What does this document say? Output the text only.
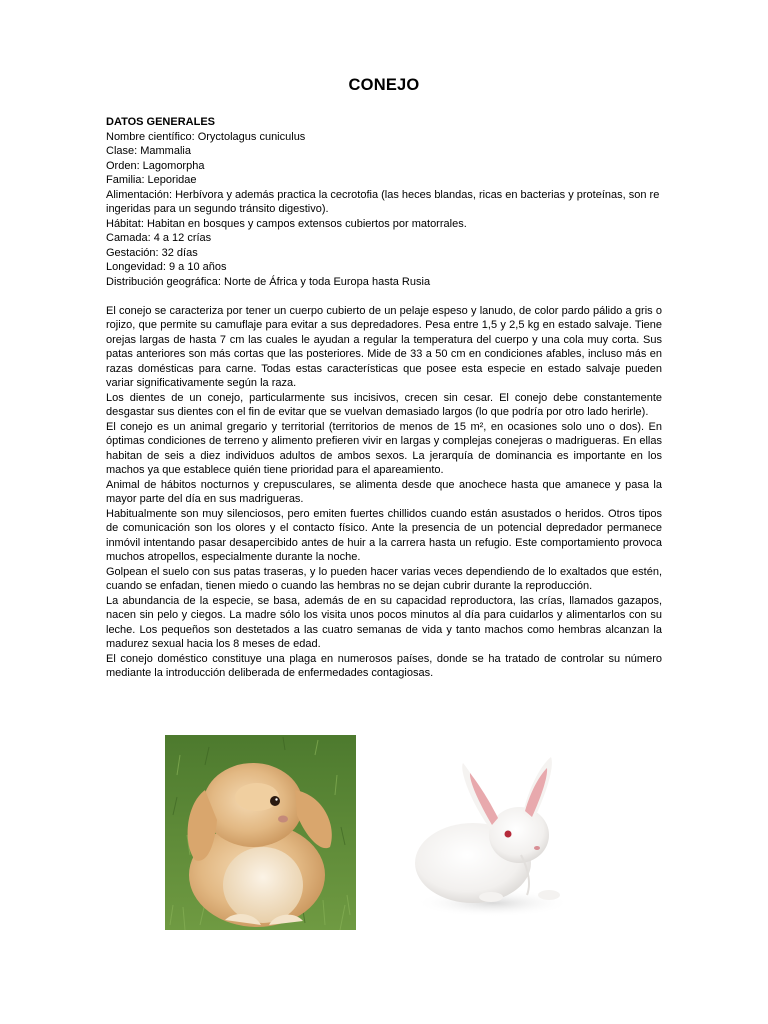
CONEJO
DATOS GENERALES
Nombre científico: Oryctolagus cuniculus
Clase: Mammalia
Orden: Lagomorpha
Familia: Leporidae
Alimentación: Herbívora y además practica la cecrotofia (las heces blandas, ricas en bacterias y proteínas, son re ingeridas para un segundo tránsito digestivo).
Hábitat: Habitan en bosques y campos extensos cubiertos por matorrales.
Camada: 4 a 12 crías
Gestación: 32 días
Longevidad: 9 a 10 años
Distribución geográfica: Norte de África y toda Europa hasta Rusia
El conejo se caracteriza por tener un cuerpo cubierto de un pelaje espeso y lanudo, de color pardo pálido a gris o rojizo, que permite su camuflaje para evitar a sus depredadores. Pesa entre 1,5 y 2,5 kg en estado salvaje. Tiene orejas largas de hasta 7 cm las cuales le ayudan a regular la temperatura del cuerpo y una cola muy corta. Sus patas anteriores son más cortas que las posteriores. Mide de 33 a 50 cm en condiciones afables, incluso más en razas domésticas para carne. Todas estas características que posee esta especie en estado salvaje pueden variar significativamente según la raza.
Los dientes de un conejo, particularmente sus incisivos, crecen sin cesar. El conejo debe constantemente desgastar sus dientes con el fin de evitar que se vuelvan demasiado largos (lo que podría por otro lado herirle).
El conejo es un animal gregario y territorial (territorios de menos de 15 m², en ocasiones solo uno o dos). En óptimas condiciones de terreno y alimento prefieren vivir en largas y complejas conejeras o madrigueras. En ellas habitan de seis a diez individuos adultos de ambos sexos. La jerarquía de dominancia es importante en los machos ya que establece quién tiene prioridad para el apareamiento.
Animal de hábitos nocturnos y crepusculares, se alimenta desde que anochece hasta que amanece y pasa la mayor parte del día en sus madrigueras.
Habitualmente son muy silenciosos, pero emiten fuertes chillidos cuando están asustados o heridos. Otros tipos de comunicación son los olores y el contacto físico. Ante la presencia de un potencial depredador permanece inmóvil intentando pasar desapercibido antes de huir a la carrera hasta un refugio. Este comportamiento provoca muchos atropellos, especialmente durante la noche.
Golpean el suelo con sus patas traseras, y lo pueden hacer varias veces dependiendo de lo exaltados que estén, cuando se enfadan, tienen miedo o cuando las hembras no se dejan cubrir durante la reproducción.
La abundancia de la especie, se basa, además de en su capacidad reproductora, las crías, llamados gazapos, nacen sin pelo y ciegos. La madre sólo los visita unos pocos minutos al día para cuidarlos y alimentarlos con su leche. Los pequeños son destetados a las cuatro semanas de vida y tanto machos como hembras alcanzan la madurez sexual hacia los 8 meses de edad.
El conejo doméstico constituye una plaga en numerosos países, donde se ha tratado de controlar su número mediante la introducción deliberada de enfermedades contagiosas.
